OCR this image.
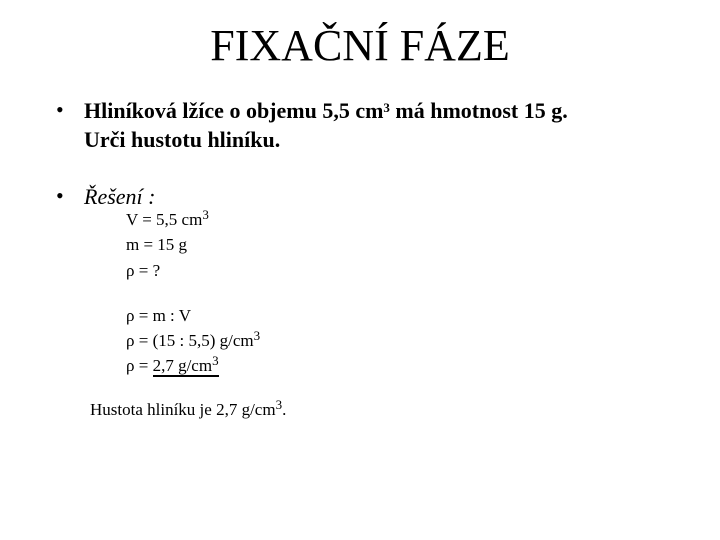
FIXAČNÍ FÁZE
• Hliníková lžíce o objemu 5,5 $cm^3$ má hmotnost 15 g.
Urči hustotu hliníku.
• Řešení :
V = 5,5 $cm^3$
m = 15 g
ρ = ?
ρ = m : V
ρ = (15 : 5,5) $g/cm^3$
ρ = 2,7 $g/cm^3$
Hustota hliníku je 2,7 $g/cm^3$.
